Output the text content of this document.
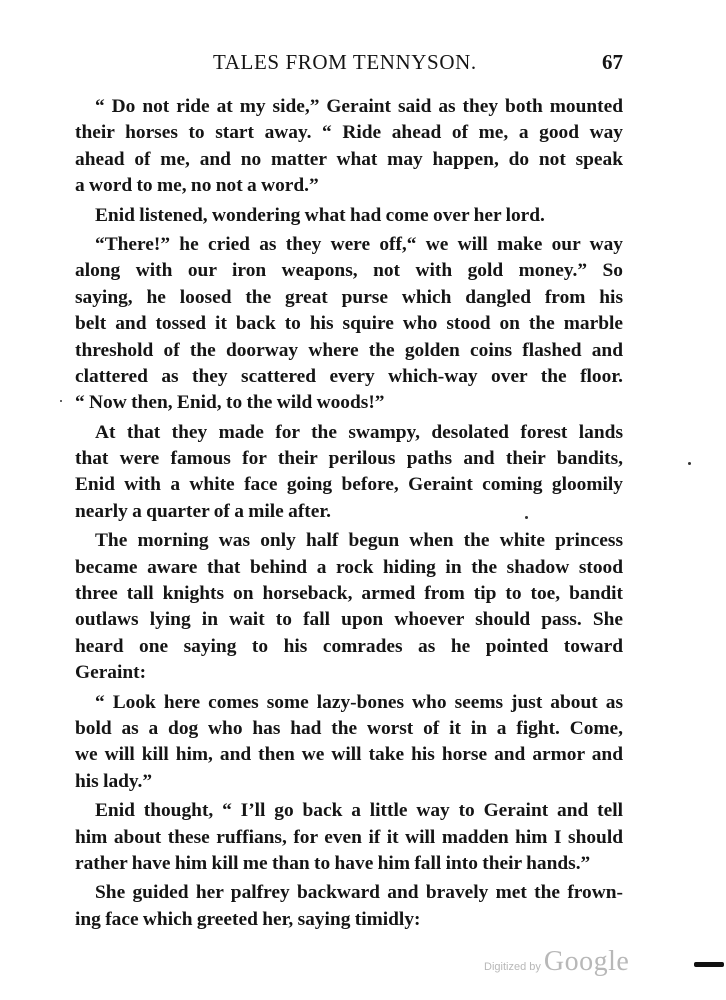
TALES FROM TENNYSON.	67
“ Do not ride at my side,” Geraint said as they both mounted
their horses to start away. “ Ride ahead of me, a good way
ahead of me, and no matter what may happen, do not speak
a word to me, no not a word.”
Enid listened, wondering what had come over her lord.
“There!” he cried as they were off,“ we will make our way
along with our iron weapons, not with gold money.” So
saying, he loosed the great purse which dangled from his
belt and tossed it back to his squire who stood on the marble
threshold of the doorway where the golden coins flashed and
clattered as they scattered every which-way over the floor.
“ Now then, Enid, to the wild woods!”
At that they made for the swampy, desolated forest lands
that were famous for their perilous paths and their bandits,
Enid with a white face going before, Geraint coming gloomily
nearly a quarter of a mile after.
The morning was only half begun when the white princess
became aware that behind a rock hiding in the shadow stood
three tall knights on horseback, armed from tip to toe, bandit
outlaws lying in wait to fall upon whoever should pass. She
heard one saying to his comrades as he pointed toward
Geraint:
“ Look here comes some lazy-bones who seems just about as
bold as a dog who has had the worst of it in a fight. Come,
we will kill him, and then we will take his horse and armor and
his lady.”
Enid thought, “ I’ll go back a little way to Geraint and tell
him about these ruffians, for even if it will madden him I should
rather have him kill me than to have him fall into their hands.”
She guided her palfrey backward and bravely met the frown-
ing face which greeted her, saying timidly:
Digitized by Google
